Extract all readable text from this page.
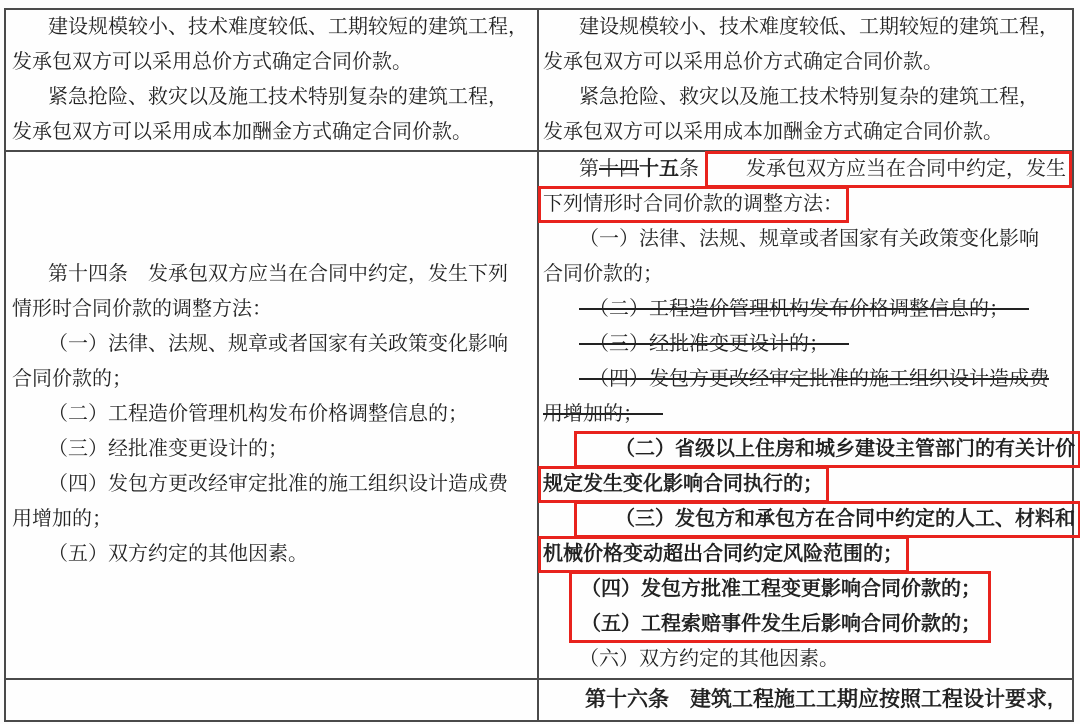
建设规模较小、技术难度较低、工期较短的建筑工程，
发承包双方可以采用总价方式确定合同价款。
紧急抢险、救灾以及施工技术特别复杂的建筑工程，
发承包双方可以采用成本加酬金方式确定合同价款。
建设规模较小、技术难度较低、工期较短的建筑工程，
发承包双方可以采用总价方式确定合同价款。
紧急抢险、救灾以及施工技术特别复杂的建筑工程，
发承包双方可以采用成本加酬金方式确定合同价款。
第十四条　发承包双方应当在合同中约定，发生下列
情形时合同价款的调整方法：
（一）法律、法规、规章或者国家有关政策变化影响
合同价款的；
（二）工程造价管理机构发布价格调整信息的；
（三）经批准变更设计的；
（四）发包方更改经审定批准的施工组织设计造成费
用增加的；
（五）双方约定的其他因素。
第十四十五条 发承包双方应当在合同中约定，发生
下列情形时合同价款的调整方法：
（一）法律、法规、规章或者国家有关政策变化影响
合同价款的；
（二）工程造价管理机构发布价格调整信息的；
（三）经批准变更设计的；
（四）发包方更改经审定批准的施工组织设计造成费
用增加的；
（二）省级以上住房和城乡建设主管部门的有关计价
规定发生变化影响合同执行的；
（三）发包方和承包方在合同中约定的人工、材料和
机械价格变动超出合同约定风险范围的；
（四）发包方批准工程变更影响合同价款的；
（五）工程索赔事件发生后影响合同价款的；
（六）双方约定的其他因素。
第十六条　建筑工程施工工期应按照工程设计要求,
